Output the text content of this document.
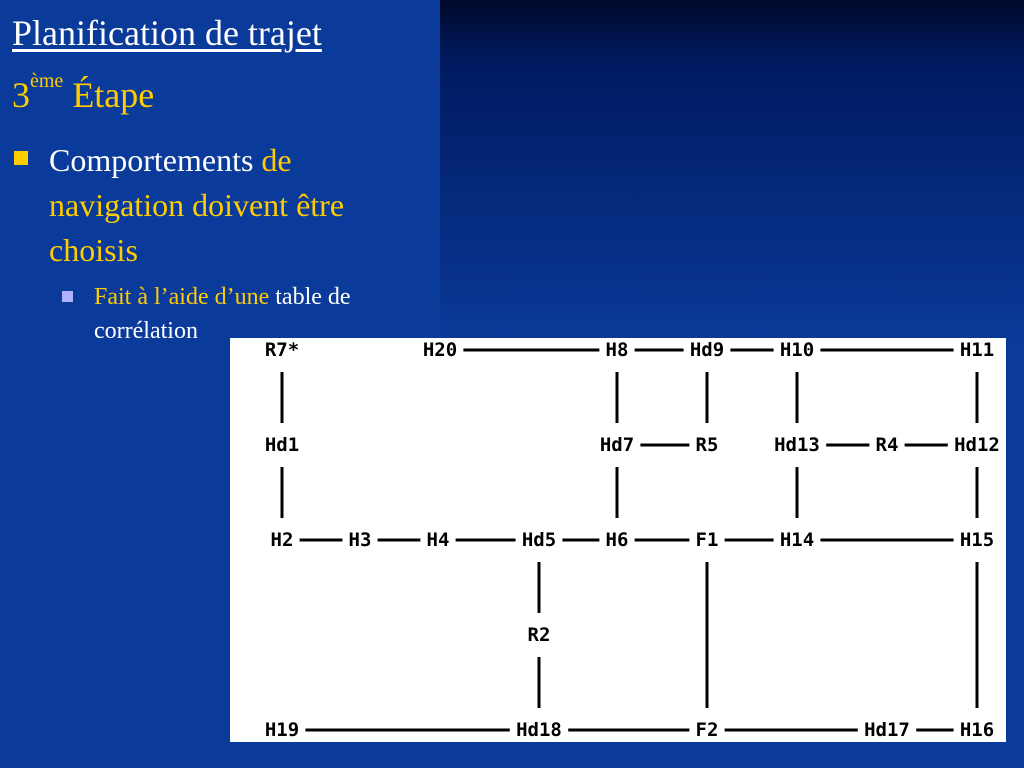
Planification de trajet
3ème Étape
Comportements de navigation doivent être choisis
Fait à l’aide d’une table de corrélation
R7*	H20	H8	Hd9	H10	H11
Hd1	Hd7	R5	Hd13	R4	Hd12
H2	H3	H4	Hd5	H6	F1	H14	H15
R2
H19	Hd18	F2	Hd17	H16
